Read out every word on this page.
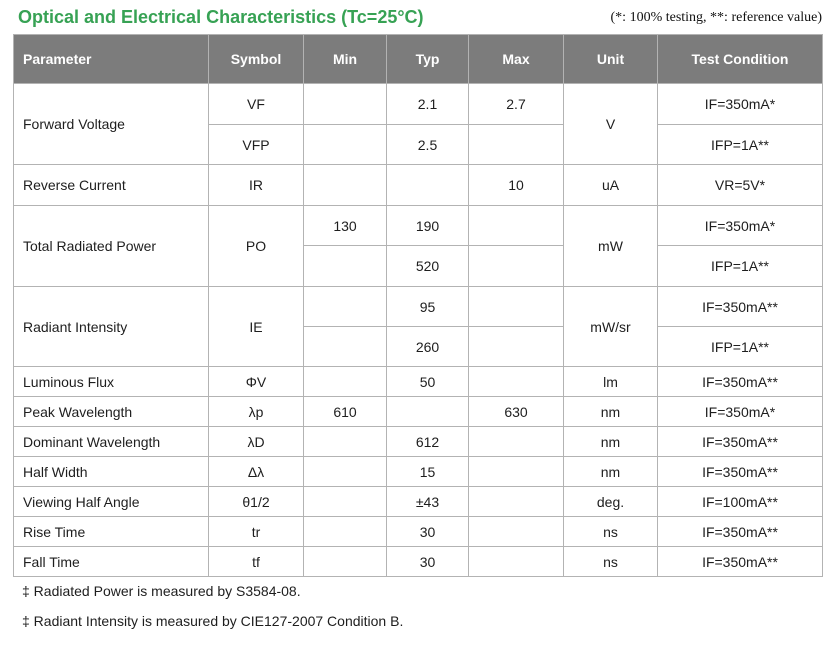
Optical and Electrical Characteristics (Tc=25°C)	(*: 100% testing, **: reference value)
Parameter	Symbol	Min	Typ	Max	Unit	Test Condition
Forward Voltage	VF		2.1	2.7	V	IF=350mA*
	VFP		2.5			IFP=1A**
Reverse Current	IR			10	uA	VR=5V*
Total Radiated Power	PO	130	190		mW	IF=350mA*
			520			IFP=1A**
Radiant Intensity	IE		95		mW/sr	IF=350mA**
			260			IFP=1A**
Luminous Flux	ΦV		50		lm	IF=350mA**
Peak Wavelength	λp	610		630	nm	IF=350mA*
Dominant Wavelength	λD		612		nm	IF=350mA**
Half Width	Δλ		15		nm	IF=350mA**
Viewing Half Angle	θ1/2		±43		deg.	IF=100mA**
Rise Time	tr		30		ns	IF=350mA**
Fall Time	tf		30		ns	IF=350mA**
‡ Radiated Power is measured by S3584-08.
‡ Radiant Intensity is measured by CIE127-2007 Condition B.
